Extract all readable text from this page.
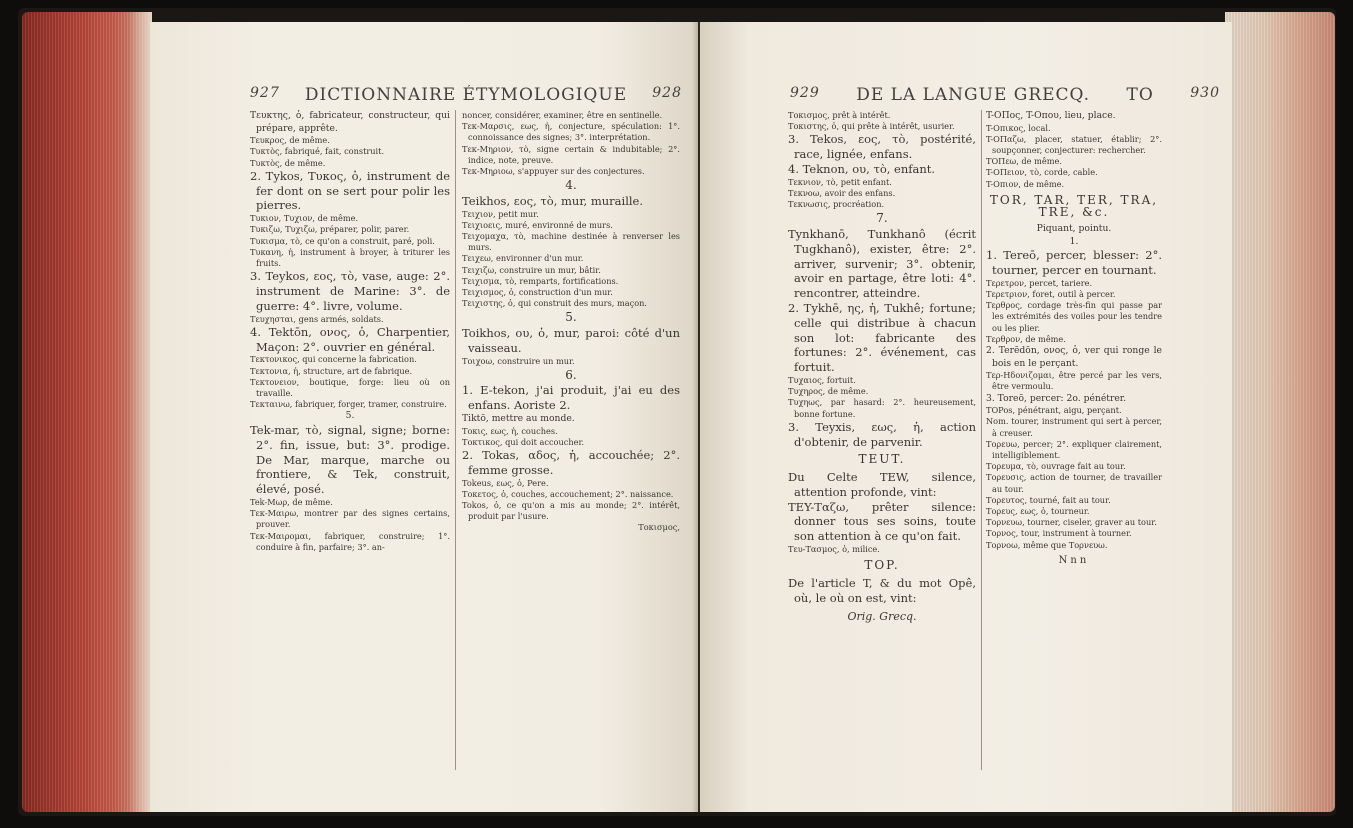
927 DICTIONNAIRE ÉTYMOLOGIQUE 928

Τευκτης, ὁ, fabricateur, constructeur, qui prépare, apprête.

Τευκρος, de même.

Τυκτὸς, fabriqué, fait, construit.

Τυκτὸς, de même.

2. Tykos, Τυκος, ὁ, instrument de fer dont on se sert pour polir les pierres.

Τυκιον, Τυχιον, de même.

Τυκιζω, Τυχιζω, préparer, polir, parer.

Τυκισμα, τὸ, ce qu'on a construit, paré, poli.

Τυκανη, ἡ, instrument à broyer, à triturer les fruits.

3. Teykos, εος, τὸ, vase, auge: 2°. instrument de Marine: 3°. de guerre: 4°. livre, volume.

Τευχησται, gens armés, soldats.

4. Tektōn, ονος, ὁ, Charpentier, Maçon: 2°. ouvrier en général.

Τεκτονικος, qui concerne la fabrication.

Τεκτονια, ἡ, structure, art de fabrique.

Τεκτονειον, boutique, forge: lieu où on travaille.

Τεκταινω, fabriquer, forger, tramer, construire.

5.

Tek-mar, τὸ, signal, signe; borne: 2°. fin, issue, but: 3°. prodige. De Mar, marque, marche ou frontiere, & Tek, construit, élevé, posé.

Tek-Mωρ, de même.

Τεκ-Μαιρω, montrer par des signes certains, prouver.

Τεκ-Μαιρομαι, fabriquer, construire; 1°. conduire à fin, parfaire; 3°. an-

noncer, considérer, examiner, être en sentinelle.

Τεκ-Μαρσις, εως, ἡ, conjecture, spéculation: 1°. connoissance des signes; 3°. interprétation.

Τεκ-Μηριον, τὸ, signe certain & indubitable; 2°. indice, note, preuve.

Τεκ-Μηριοω, s'appuyer sur des conjectures.

4.

Teikhos, εος, τὸ, mur, muraille.

Τειχιον, petit mur.

Τειχιοεις, muré, environné de murs.

Τειχομαχα, τὸ, machine destinée à renverser les murs.

Τειχεω, environner d'un mur.

Τειχιζω, construire un mur, bâtir.

Τειχισμα, τὸ, remparts, fortifications.

Τειχισμος, ὁ, construction d'un mur.

Τειχιστης, ὁ, qui construit des murs, maçon.

5.

Toikhos, ου, ὁ, mur, paroi: côté d'un vaisseau.

Τοιχοω, construire un mur.

6.

1. E-tekon, j'ai produit, j'ai eu des enfans. Aoriste 2.

Tiktō, mettre au monde.

Τοκις, εως, ἡ, couches.

Τοκτικος, qui doit accoucher.

2. Tokas, αδος, ἡ, accouchée; 2°. femme grosse.

Tokeus, εως, ὁ, Pere.

Τοκετος, ὁ, couches, accouchement; 2°. naissance.

Tokos, ὁ, ce qu'on a mis au monde; 2°. intérêt, produit par l'usure.

Τοκισμος,

929 DE LA LANGUE GRECQ. TO	930

Τοκισμος, prêt à intérêt.

Τοκιστης, ὁ, qui prête à intérêt, usurier.

3. Tekos, εος, τὸ, postérité, race, lignée, enfans.

4. Teknon, ου, τὸ, enfant.

Τεκνιον, τὸ, petit enfant.

Τεκνοω, avoir des enfans.

Τεκνωσις, procréation.

7.

Tynkhanō, Tunkhanô (écrit Tugkhanô), exister, être: 2°. arriver, survenir; 3°. obtenir, avoir en partage, être loti: 4°. rencontrer, atteindre.

2. Tykhē, ης, ἡ, Tukhê; fortune; celle qui distribue à chacun son lot: fabricante des fortunes: 2°. événement, cas fortuit.

Τυχαιος, fortuit.

Τυχηρος, de même.

Τυχηως, par hasard: 2°. heureusement, bonne fortune.

3. Teyxis, εως, ἡ, action d'obtenir, de parvenir.

TEUT.

Du Celte TEW, silence, attention profonde, vint:

TEY-Ταζω, prêter silence: donner tous ses soins, toute son attention à ce qu'on fait.

Τευ-Τασμος, ὁ, milice.

TOP.

De l'article T, & du mot Opê, où, le où on est, vint:

Orig. Grecq.

T-OΠος, T-Oπου, lieu, place.

T-Oπικος, local.

T-OΠαζω, placer, statuer, établir; 2°. soupçonner, conjecturer: rechercher.

TOΠεω, de même.

T-OΠειον, τὸ, corde, cable.

T-Oπιον, de même.

TOR, TAR, TER, TRA, TRE, &c.

Piquant, pointu.

1.

1. Tereō, percer, blesser: 2°. tourner, percer en tournant.

Τερετρον, percet, tariere.

Τερετριον, foret, outil à percer.

Τερθρος, cordage très-fin qui passe par les extrémités des voiles pour les tendre ou les plier.

Τερθρον, de même.

2. Terēdōn, ονος, ὁ, ver qui ronge le bois en le perçant.

Τερ-Ηδονιζομαι, être percé par les vers, être vermoulu.

3. Toreō, percer: 2o. pénétrer.

TOPos, pénétrant, aigu, perçant.

Nom. tourer, instrument qui sert à percer, à creuser.

Τορευω, percer; 2°. expliquer clairement, intelligiblement.

Τορευμα, τὸ, ouvrage fait au tour.

Τορευσις, action de tourner, de travailler au tour.

Τορευτος, tourné, fait au tour.

Τορευς, εως, ὁ, tourneur.

Τορνευω, tourner, ciseler, graver au tour.

Τορνος, tour, instrument à tourner.

Τορνοω, même que Τορνευω.

Nnn
